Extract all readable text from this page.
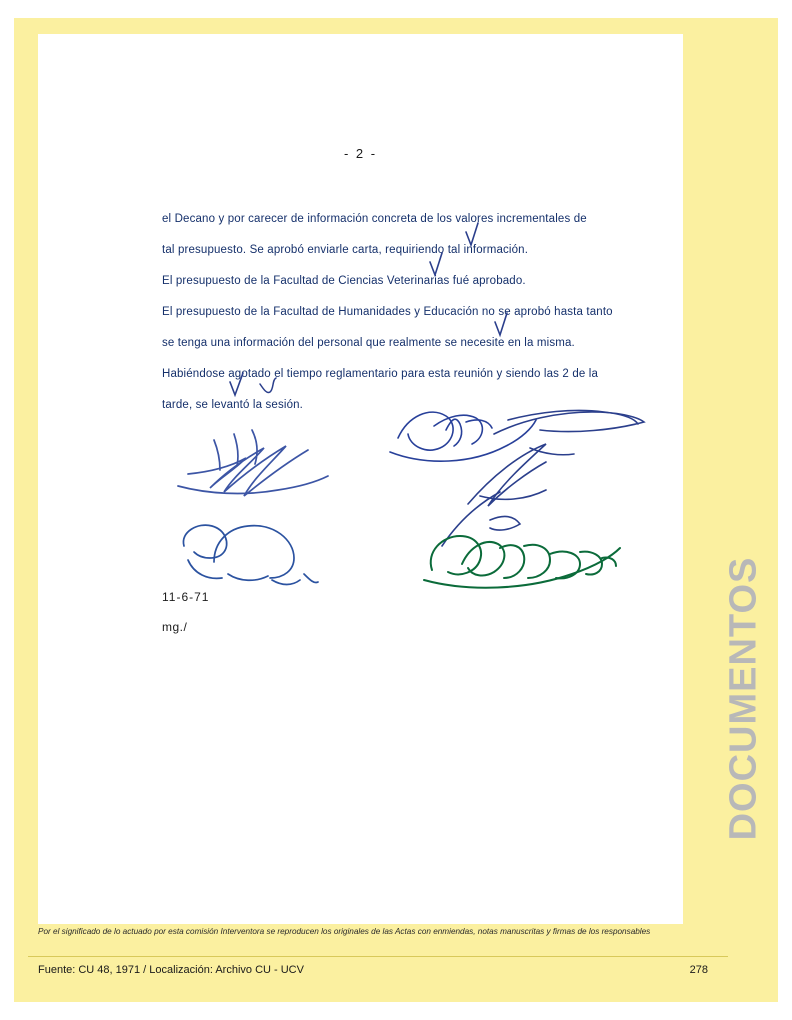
DOCUMENTOS
- 2 -
el Decano y por carecer de información concreta de los valores incrementales de
tal presupuesto. Se aprobó enviarle carta, requiriendo tal información.
El presupuesto de la Facultad de Ciencias Veterinarias fué aprobado.
El presupuesto de la Facultad de Humanidades y Educación no se aprobó hasta tanto
se tenga una información del personal que realmente se necesite en la misma.
Habiéndose agotado el tiempo reglamentario para esta reunión y siendo las 2 de la
tarde, se levantó la sesión.
11-6-71
mg./
Por el significado de lo actuado por esta comisión Interventora se reproducen los originales de las Actas con enmiendas, notas manuscritas y firmas de los responsables
Fuente: CU 48, 1971 / Localización: Archivo CU - UCV	278
